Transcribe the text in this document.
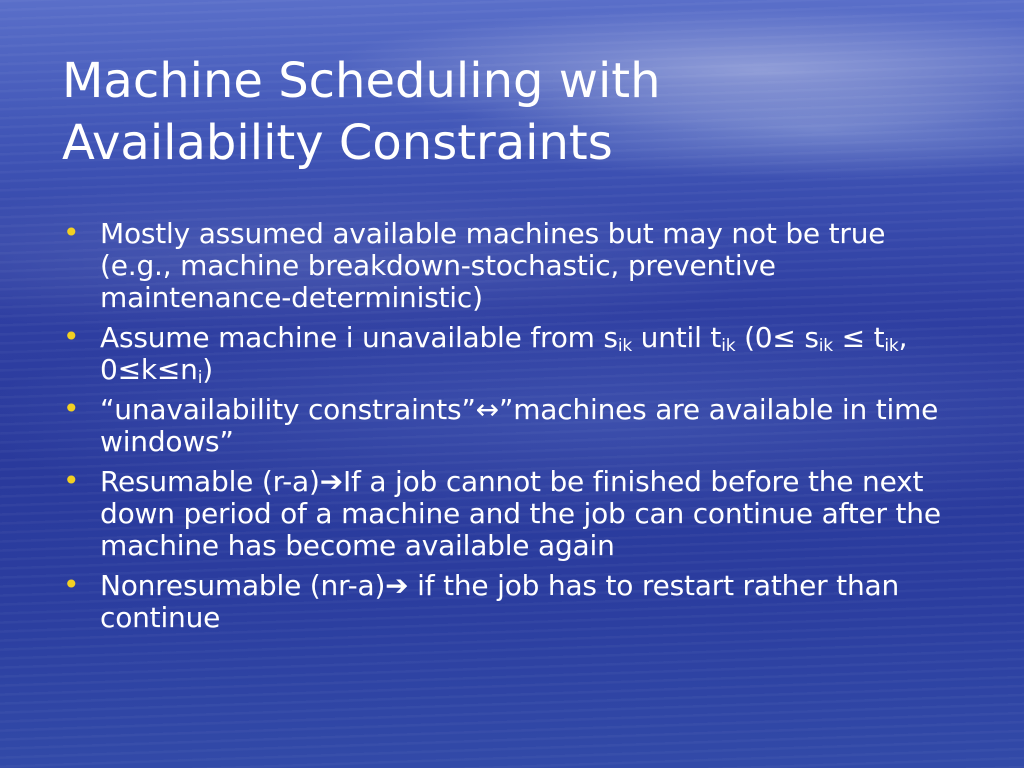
Machine Scheduling with
Availability Constraints
• Mostly assumed available machines but may not be true (e.g., machine breakdown-stochastic, preventive maintenance-deterministic)
• Assume machine i unavailable from $s_{ik}$ until $t_{ik}$ ($0\le s_{ik} \le t_{ik}$, $0\le k\le n_i$)
• “unavailability constraints”↔”machines are available in time windows”
• Resumable (r-a)➔If a job cannot be finished before the next down period of a machine and the job can continue after the machine has become available again
• Nonresumable (nr-a)➔ if the job has to restart rather than continue
